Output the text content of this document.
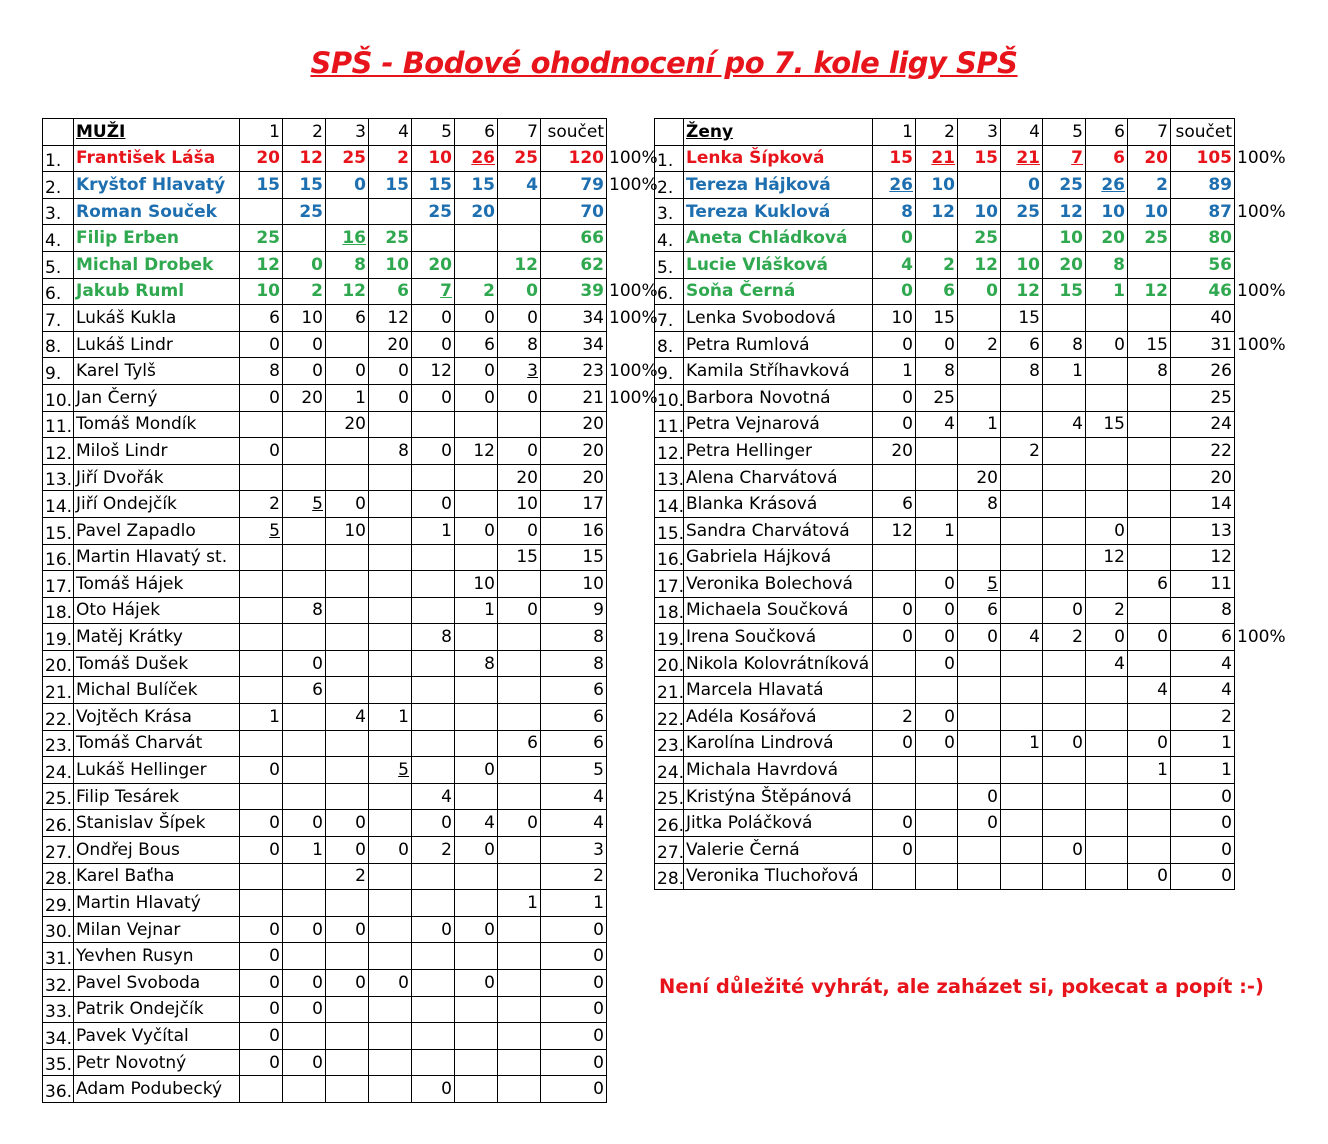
SPŠ - Bodové ohodnocení po 7. kole ligy SPŠ
	MUŽI	1	2	3	4	5	6	7	součet	
1.	František Láša	20	12	25	2	10	26	25	120	100%
2.	Kryštof Hlavatý	15	15	0	15	15	15	4	79	100%
3.	Roman Souček		25			25	20		70	
4.	Filip Erben	25		16	25				66	
5.	Michal Drobek	12	0	8	10	20		12	62	
6.	Jakub Ruml	10	2	12	6	7	2	0	39	100%
7.	Lukáš Kukla	6	10	6	12	0	0	0	34	100%
8.	Lukáš Lindr	0	0		20	0	6	8	34	
9.	Karel Tylš	8	0	0	0	12	0	3	23	100%
10.	Jan Černý	0	20	1	0	0	0	0	21	100%
11.	Tomáš Mondík			20					20	
12.	Miloš Lindr	0			8	0	12	0	20	
13.	Jiří Dvořák							20	20	
14.	Jiří Ondejčík	2	5	0		0		10	17	
15.	Pavel Zapadlo	5		10		1	0	0	16	
16.	Martin Hlavatý st.							15	15	
17.	Tomáš Hájek						10		10	
18.	Oto Hájek		8				1	0	9	
19.	Matěj Krátky					8			8	
20.	Tomáš Dušek		0				8		8	
21.	Michal Bulíček		6						6	
22.	Vojtěch Krása	1		4	1				6	
23.	Tomáš Charvát							6	6	
24.	Lukáš Hellinger	0			5		0		5	
25.	Filip Tesárek					4			4	
26.	Stanislav Šípek	0	0	0		0	4	0	4	
27.	Ondřej Bous	0	1	0	0	2	0		3	
28.	Karel Baťha			2					2	
29.	Martin Hlavatý							1	1	
30.	Milan Vejnar	0	0	0		0	0		0	
31.	Yevhen Rusyn	0							0	
32.	Pavel Svoboda	0	0	0	0		0		0	
33.	Patrik Ondejčík	0	0						0	
34.	Pavek Vyčítal	0							0	
35.	Petr Novotný	0	0						0	
36.	Adam Podubecký					0			0	
	Ženy	1	2	3	4	5	6	7	součet	
1.	Lenka Šípková	15	21	15	21	7	6	20	105	100%
2.	Tereza Hájková	26	10		0	25	26	2	89	
3.	Tereza Kuklová	8	12	10	25	12	10	10	87	100%
4.	Aneta Chládková	0		25		10	20	25	80	
5.	Lucie Vlášková	4	2	12	10	20	8		56	
6.	Soňa Černá	0	6	0	12	15	1	12	46	100%
7.	Lenka Svobodová	10	15		15				40	
8.	Petra Rumlová	0	0	2	6	8	0	15	31	100%
9.	Kamila Stříhavková	1	8		8	1		8	26	
10.	Barbora Novotná	0	25						25	
11.	Petra Vejnarová	0	4	1		4	15		24	
12.	Petra Hellinger	20			2				22	
13.	Alena Charvátová			20					20	
14.	Blanka Krásová	6		8					14	
15.	Sandra Charvátová	12	1				0		13	
16.	Gabriela Hájková						12		12	
17.	Veronika Bolechová		0	5				6	11	
18.	Michaela Součková	0	0	6		0	2		8	
19.	Irena Součková	0	0	0	4	2	0	0	6	100%
20.	Nikola Kolovrátníková		0				4		4	
21.	Marcela Hlavatá							4	4	
22.	Adéla Kosářová	2	0						2	
23.	Karolína Lindrová	0	0		1	0		0	1	
24.	Michala Havrdová							1	1	
25.	Kristýna Štěpánová			0					0	
26.	Jitka Poláčková	0		0					0	
27.	Valerie Černá	0				0			0	
28.	Veronika Tluchořová							0	0	
Není důležité vyhrát, ale zaházet si, pokecat a popít :-)
